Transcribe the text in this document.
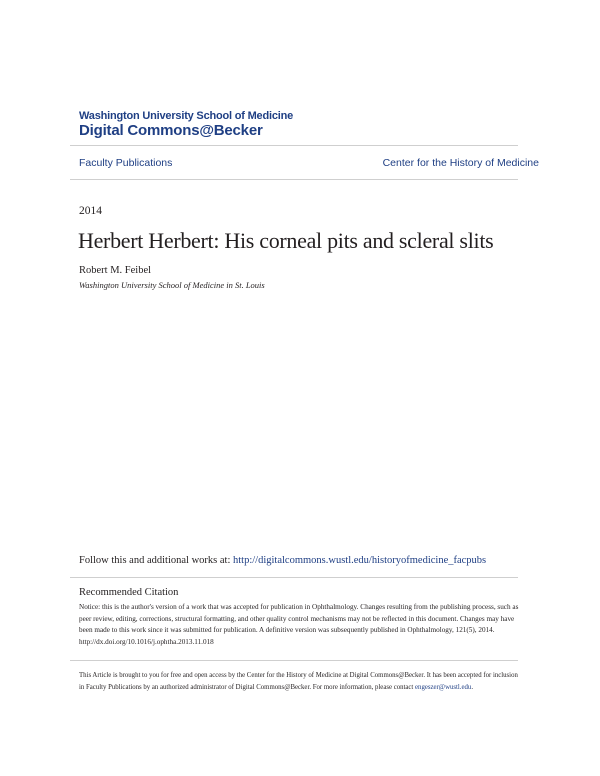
Washington University School of Medicine
Digital Commons@Becker
Faculty Publications	Center for the History of Medicine
2014
Herbert Herbert: His corneal pits and scleral slits
Robert M. Feibel
Washington University School of Medicine in St. Louis
Follow this and additional works at: http://digitalcommons.wustl.edu/historyofmedicine_facpubs
Recommended Citation
Notice: this is the author's version of a work that was accepted for publication in Ophthalmology. Changes resulting from the publishing process, such as peer review, editing, corrections, structural formatting, and other quality control mechanisms may not be reflected in this document. Changes may have been made to this work since it was submitted for publication. A definitive version was subsequently published in Ophthalmology, 121(5), 2014. http://dx.doi.org/10.1016/j.ophtha.2013.11.018
This Article is brought to you for free and open access by the Center for the History of Medicine at Digital Commons@Becker. It has been accepted for inclusion in Faculty Publications by an authorized administrator of Digital Commons@Becker. For more information, please contact engeszer@wustl.edu.
